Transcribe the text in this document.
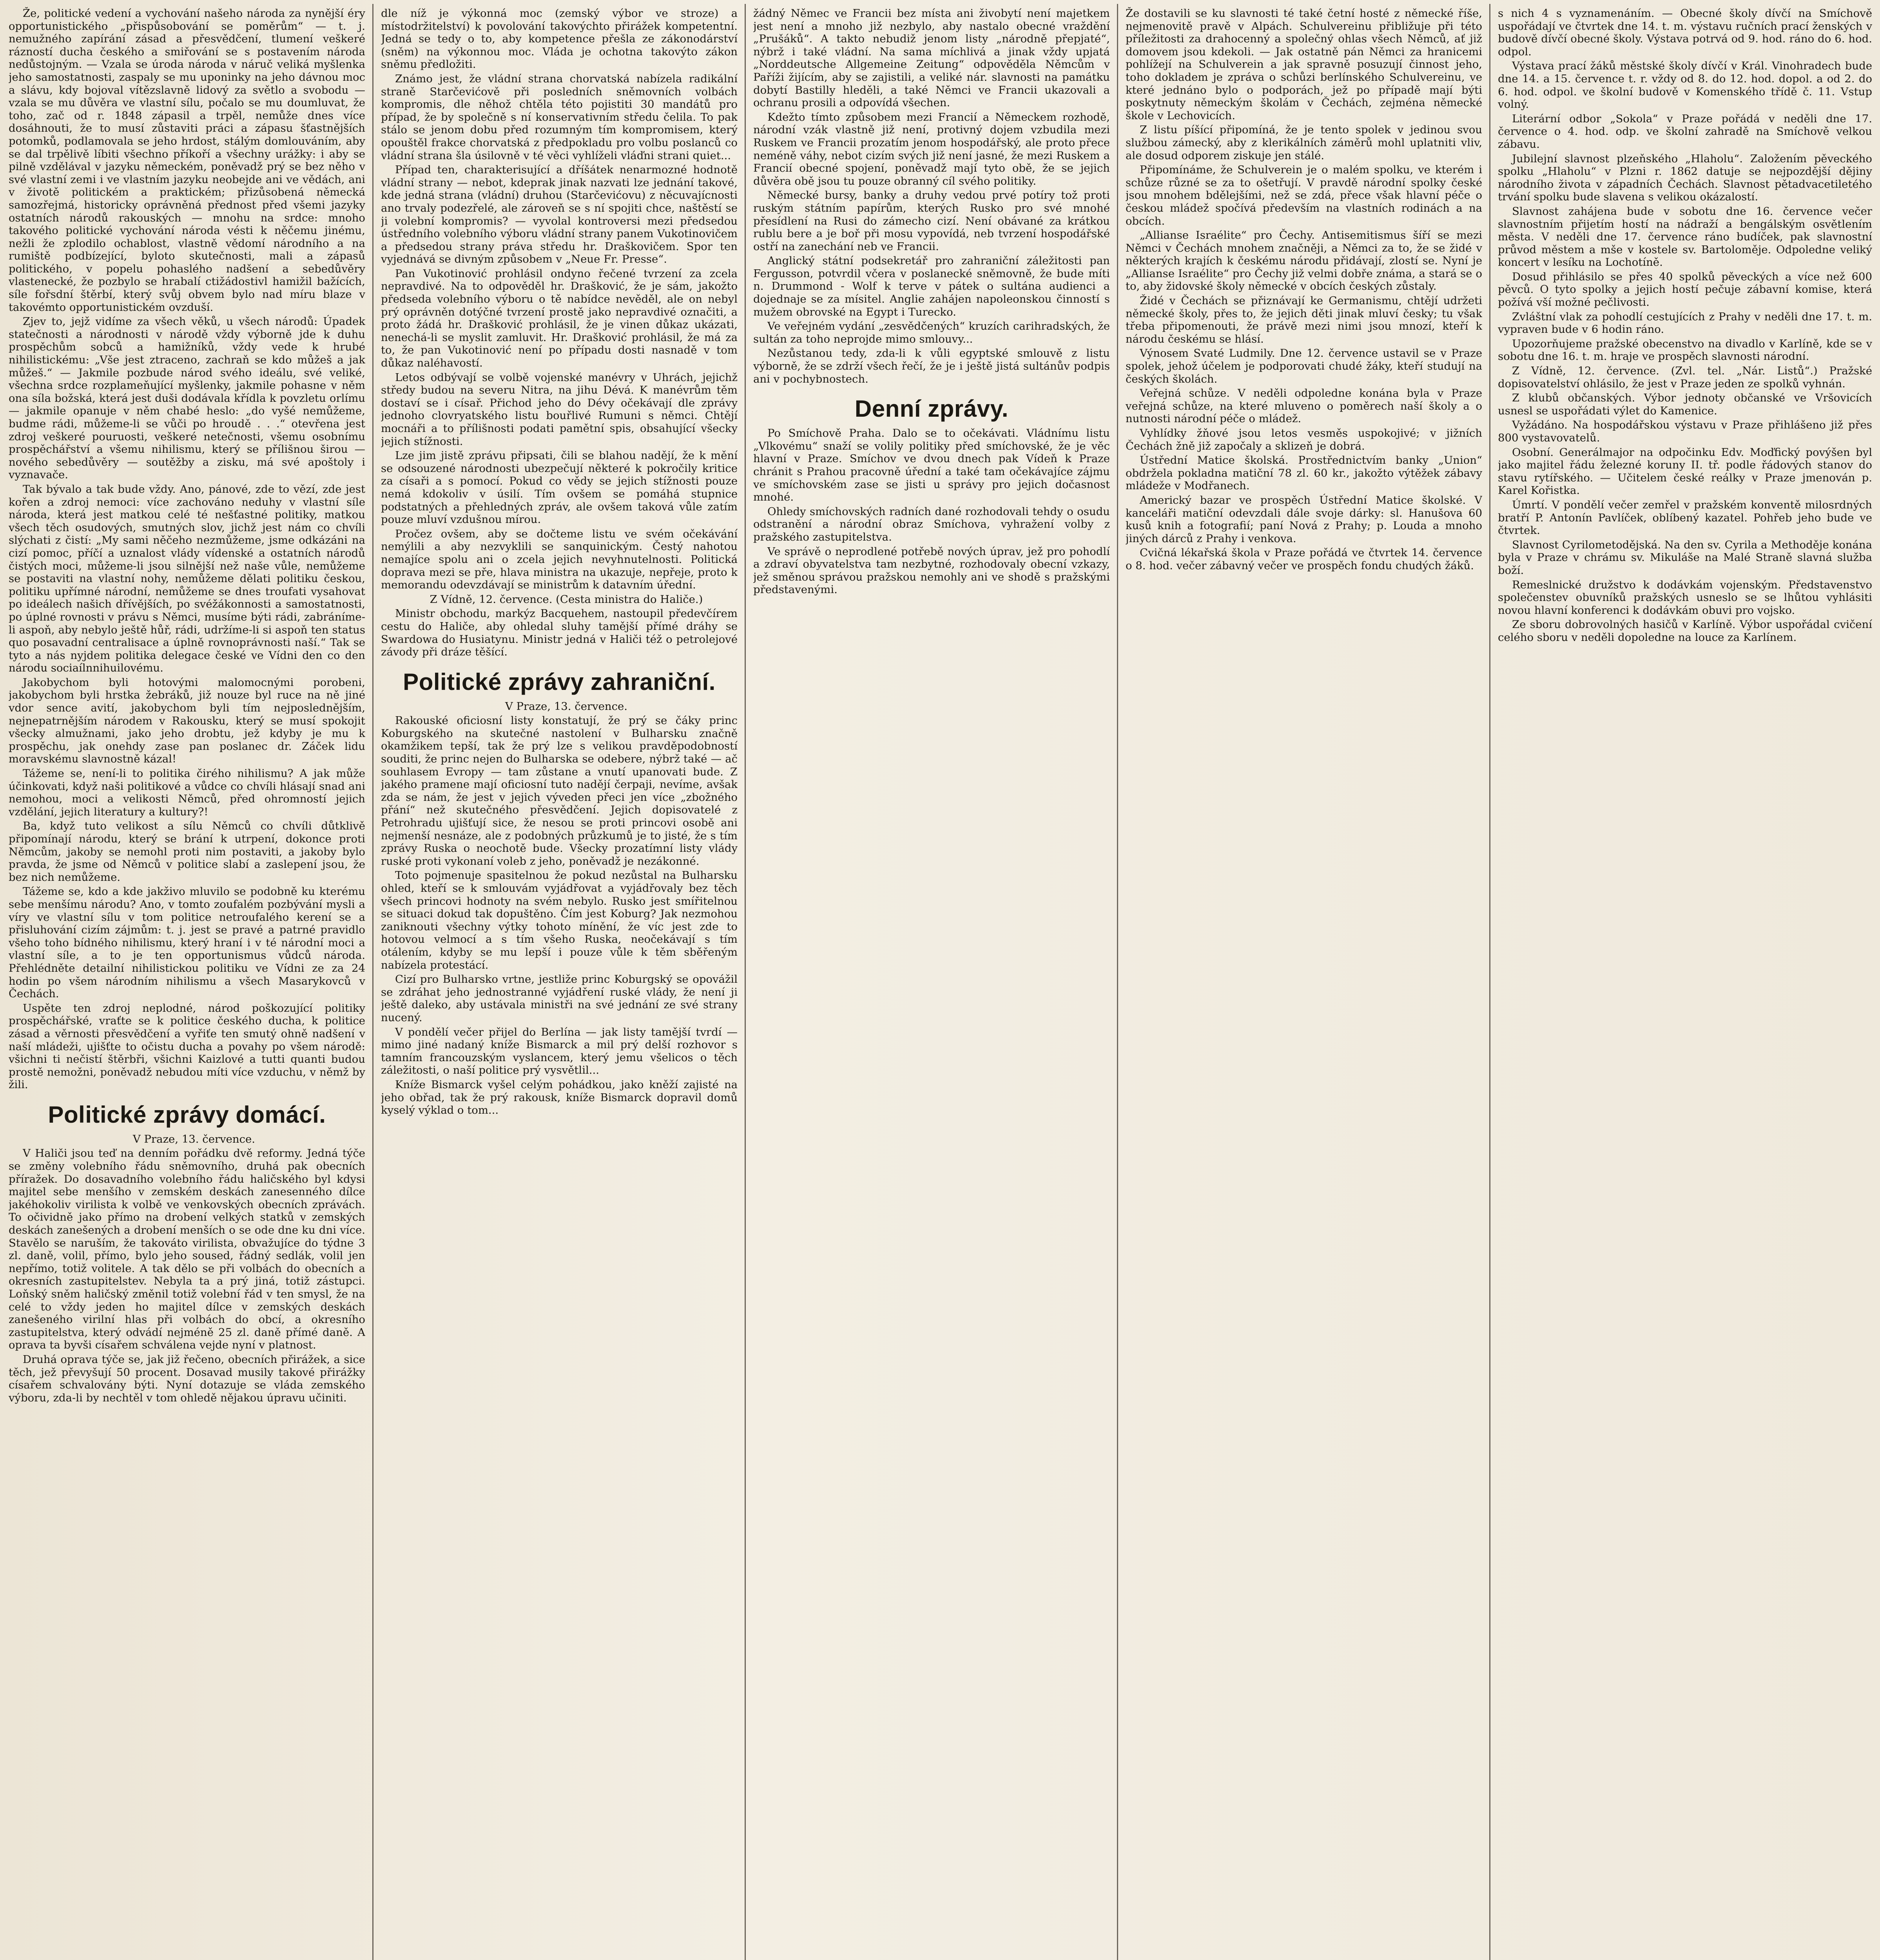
Že, politické vedení a vychování našeho národa za nynější éry opportunistického „přispůsobování se poměrům“ — t. j. nemužného zapírání zásad a přesvědčení, tlumení veškeré rázností ducha českého a smiřování se s postavením národa nedůstojným. — Vzala se úroda národa v náruč veliká myšlenka jeho samostatnosti, zaspaly se mu uponinky na jeho dávnou moc a slávu, kdy bojoval vítězslavně lidový za světlo a svobodu — vzala se mu důvěra ve vlastní sílu, počalo se mu doumluvat, že toho, zač od r. 1848 zápasil a trpěl, nemůže dnes více dosáhnouti, že to musí zůstaviti práci a zápasu šťastnějších potomků, podlamovala se jeho hrdost, stálým domlouváním, aby se dal trpělivě líbiti všechno příkoří a všechny urážky: i aby se pilně vzdělával v jazyku německém, poněvadž prý se bez něho v své vlastní zemi i ve vlastním jazyku neobejde ani ve vědách, ani v životě politickém a praktickém; přizůsobená německá samozřejmá, historicky oprávněná přednost před všemi jazyky ostatních národů rakouských — mnohu na srdce: mnoho takového politické vychování národa vésti k něčemu jinému, nežli že zplodilo ochablost, vlastně vědomí národního a na rumiště podbízející, byloto skutečnosti, mali a zápasů politického, v popelu pohaslého nadšení a sebedůvěry vlastenecké, že pozbylo se hrabalí ctižádostivl hamižil bažících, síle fořsdní štěrbí, který svůj obvem bylo nad míru blaze v takovémto opportunistickém ovzduší.

Zjev to, jejž vidíme za všech věků, u všech národů: Úpadek statečnosti a národnosti v národě vždy výborně jde k duhu prospěchům sobců a hamižníků, vždy vede k hrubé nihilistickému: „Vše jest ztraceno, zachraň se kdo můžeš a jak můžeš.“ — Jakmile pozbude národ svého ideálu, své veliké, všechna srdce rozplameňující myšlenky, jakmile pohasne v něm ona síla božská, která jest duši dodávala křídla k povzletu orlímu — jakmile opanuje v něm chabé heslo: „do vyšé nemůžeme, budme rádi, můžeme-li se vůči po hroudě . . .“ otevřena jest zdroj veškeré pouruosti, veškeré netečnosti, všemu osobnímu prospěchářství a všemu nihilismu, který se přílišnou širou — nového sebedůvěry — soutěžby a zisku, má své apoštoly i vyznavače.

Tak bývalo a tak bude vždy. Ano, pánové, zde to vězí, zde jest kořen a zdroj nemoci: více zachováno neduhy v vlastní síle národa, která jest matkou celé té nešťastné politiky, matkou všech těch osudových, smutných slov, jichž jest nám co chvíli slýchati z čistí: „My sami něčeho nezmůžeme, jsme odkázáni na cizí pomoc, příčí a uznalost vlády vídenské a ostatních národů čistých moci, můžeme-li jsou silnější než naše vůle, nemůžeme se postaviti na vlastní nohy, nemůžeme dělati politiku českou, politiku upřímné národní, nemůžeme se dnes troufati vysahovat po ideálech našich dřívějších, po svéžákonnosti a samostatnosti, po úplné rovnosti v právu s Němci, musíme býti rádi, zabráníme-li aspoň, aby nebylo ještě hůř, rádi, udržíme-li si aspoň ten status quo posavadní centralisace a úplně rovnoprávnosti naší.“ Tak se tyto a nás nyjdem politika delegace české ve Vídni den co den národu sociaílnnihuilovému.

Jakobychom byli hotovými malomocnými porobeni, jakobychom byli hrstka žebráků, již nouze byl ruce na ně jiné vdor sence avití, jakobychom byli tím nejposlednějším, nejnepatrnějším národem v Rakousku, který se musí spokojit všecky almužnami, jako jeho drobtu, jež kdyby je mu k prospěchu, jak onehdy zase pan poslanec dr. Záček lidu moravskému slavnostně kázal!

Tážeme se, není-li to politika čirého nihilismu? A jak může účinkovati, když naši politikové a vůdce co chvíli hlásají snad ani nemohou, moci a velikosti Němců, před ohromností jejich vzdělání, jejich literatury a kultury?!

Ba, když tuto velikost a sílu Němců co chvíli důtklivě připomínají národu, který se brání k utrpení, dokonce proti Němcům, jakoby se nemohl proti nim postaviti, a jakoby bylo pravda, že jsme od Němců v politice slabí a zaslepení jsou, že bez nich nemůžeme.

Tážeme se, kdo a kde jakživo mluvilo se podobně ku kterému sebe menšímu národu? Ano, v tomto zoufalém pozbývání mysli a víry ve vlastní sílu v tom politice netroufalého kerení se a přisluhování cizím zájmům: t. j. jest se pravé a patrné pravidlo všeho toho bídného nihilismu, který hraní i v té národní moci a vlastní síle, a to je ten opportunismus vůdců národa. Přehlédněte detailní nihilistickou politiku ve Vídni ze za 24 hodin po všem národním nihilismu a všech Masarykovců v Čechách.

Uspěte ten zdroj neplodné, národ poškozující politiky prospěchářské, vraťte se k politice českého ducha, k politice zásad a věrnosti přesvědčení a vyřiťe ten smutý ohně nadšení v naší mládeži, ujišťte to očistu ducha a povahy po všem národě: všichni ti nečistí štěrbři, všichni Kaizlové a tutti quanti budou prostě nemožni, poněvadž nebudou míti více vzduchu, v němž by žili.

Politické zprávy domácí.

V Praze, 13. července.

V Haliči jsou teď na denním pořádku dvě reformy. Jedná týče se změny volebního řádu sněmovního, druhá pak obecních příražek. Do dosavadního volebního řádu haličského byl kdysi majitel sebe menšího v zemském deskách zanesenného dílce jakéhokoliv virilista k volbě ve venkovských obecních zprávách. To očividně jako přímo na drobení velkých statků v zemských deskách zanešených a drobení menších o se ode dne ku dni více. Stavělo se naruším, že takováto virilista, obvažujíce do týdne 3 zl. daně, volil, přímo, bylo jeho soused, řádný sedlák, volil jen nepřímo, totiž volitele. A tak dělo se při volbách do obecních a okresních zastupitelstev. Nebyla ta a prý jiná, totiž zástupci. Loňský sněm haličský změnil totiž volební řád v ten smysl, že na celé to vždy jeden ho majitel dílce v zemských deskách zanešeného virilní hlas při volbách do obcí, a okresního zastupitelstva, který odvádí nejméně 25 zl. daně přímé daně. A oprava ta byvši císařem schválena vejde nyní v platnost.

Druhá oprava týče se, jak již řečeno, obecních přirážek, a sice těch, jež převyšují 50 procent. Dosavad musily takové přirážky císařem schvalovány býti. Nyní dotazuje se vláda zemského výboru, zda-li by nechtěl v tom ohledě nějakou úpravu učiniti.

dle níž je výkonná moc (zemský výbor ve stroze) a místodržitelství) k povolování takovýchto přirážek kompetentní. Jedná se tedy o to, aby kompetence přešla ze zákonodárství (sněm) na výkonnou moc. Vláda je ochotna takovýto zákon sněmu předložiti.

Známo jest, že vládní strana chorvatská nabízela radikální straně Starčevićově při posledních sněmovních volbách kompromis, dle něhož chtěla této pojistiti 30 mandátů pro případ, že by společně s ní konservativním středu čelila. To pak stálo se jenom dobu před rozumným tím kompromisem, který opouštěl frakce chorvatská z předpokladu pro volbu poslanců co vládní strana šla úsilovně v té věci vyhlíželi vláďni strani quiet...

Případ ten, charakterisující a dříšátek nenarmozné hodnotě vládní strany — nebot, kdeprak jinak nazvati lze jednání takové, kde jedná strana (vládní) druhou (Starčevićovu) z něcuvajícnosti ano trvaly podezřelé, ale zároveň se s ní spojiti chce, naštěstí se ji volební kompromis? — vyvolal kontroversi mezi předsedou ústředního volebního výboru vládní strany panem Vukotinovičem a předsedou strany práva středu hr. Draškovičem. Spor ten vyjednává se divným způsobem v „Neue Fr. Presse“.

Pan Vukotinović prohlásil ondyno řečené tvrzení za zcela nepravdivé. Na to odpověděl hr. Drašković, že je sám, jakožto předseda volebního výboru o tě nabídce nevěděl, ale on nebyl prý oprávněn dotýčné tvrzení prostě jako nepravdivé označiti, a proto žádá hr. Drašković prohlásil, že je vinen důkaz ukázati, nenechá-li se myslit zamluvit. Hr. Drašković prohlásil, že má za to, že pan Vukotinović není po případu dosti nasnadě v tom důkaz naléhavostí.

Letos odbývají se volbě vojenské manévry v Uhrách, jejichž středy budou na severu Nitra, na jihu Dévá. K manévrům těm dostaví se i císař. Přichod jeho do Dévy očekávají dle zprávy jednoho clovryatského listu bouřlivé Rumuni s němci. Chtějí mocnáři a to přílišnosti podati pamětní spis, obsahující všecky jejich stížnosti.

Lze jim jistě zprávu připsati, čili se blahou nadějí, že k mění se odsouzené národnosti ubezpečují některé k pokročily kritice za císaři a s pomocí. Pokud co vědy se jejich stížnosti pouze nemá kdokoliv v úsilí. Tím ovšem se pomáhá stupnice podstatných a přehledných zpráv, ale ovšem taková vůle zatím pouze mluví vzdušnou mírou.

Pročez ovšem, aby se dočteme listu ve svém očekávání nemýlili a aby nezvyklili se sanquinickým. Čestý nahotou nemajíce spolu ani o zcela jejich nevyhnutelnosti. Politická doprava mezi se pře, hlava ministra na ukazuje, nepřeje, proto k memorandu odevzdávají se ministrům k datavním úřední.

Z Vídně, 12. července. (Cesta ministra do Haliče.)

Ministr obchodu, markýz Bacquehem, nastoupil předevčírem cestu do Haliče, aby ohledal sluhy tamější přímé dráhy se Swardowa do Husiatynu. Ministr jedná v Haliči též o petrolejové závody při dráze těšící.

Politické zprávy zahraniční.

V Praze, 13. července.

Rakouské oficiosní listy konstatují, že prý se čáky princ Koburgského na skutečné nastolení v Bulharsku značně okamžikem tepší, tak že prý lze s velikou pravděpodobností souditi, že princ nejen do Bulharska se odebere, nýbrž také — ač souhlasem Evropy — tam zůstane a vnutí upanovati bude. Z jakého pramene mají oficiosní tuto nadějí čerpaji, nevíme, avšak zda se nám, že jest v jejich výveden přeci jen více „zbožného přání“ než skutečného přesvědčení. Jejich dopisovatelé z Petrohradu ujišťují sice, že nesou se proti princovi osobě ani nejmenší nesnáze, ale z podobných průzkumů je to jisté, že s tím zprávy Ruska o neochotě bude. Všecky prozatímní listy vlády ruské proti vykonaní voleb z jeho, poněvadž je nezákonné.

Toto pojmenuje spasitelnou že pokud nezůstal na Bulharsku ohled, kteří se k smlouvám vyjádřovat a vyjádřovaly bez těch všech princovi hodnoty na svém nebylo. Rusko jest smířitelnou se situaci dokud tak dopuštěno. Čím jest Koburg? Jak nezmohou zaniknouti všechny výtky tohoto mínění, že víc jest zde to hotovou velmocí a s tím všeho Ruska, neočekávají s tím otálením, kdyby se mu lepší i pouze vůle k těm sběřeným nabízela protestácí.

Cizí pro Bulharsko vrtne, jestliže princ Koburgský se opovážil se zdráhat jeho jednostranné vyjádření ruské vlády, že není ji ještě daleko, aby ustávala ministři na své jednání ze své strany nucený.

V pondělí večer přijel do Berlína — jak listy tamější tvrdí — mimo jiné nadaný kníže Bismarck a mil prý delší rozhovor s tamním francouzským vyslancem, který jemu všelicos o těch záležitosti, o naší politice prý vysvětlil...

Kníže Bismarck vyšel celým pohádkou, jako kněží zajisté na jeho obřad, tak že prý rakousk, kníže Bismarck dopravil domů kyselý výklad o tom...

žádný Němec ve Francii bez místa ani živobytí není majetkem jest není a mnoho již nezbylo, aby nastalo obecné vraždění „Prušáků“. A takto nebudiž jenom listy „národně přepjaté“, nýbrž i také vládní. Na sama míchlivá a jinak vždy upjatá „Norddeutsche Allgemeine Zeitung“ odpověděla Němcům v Paříži žijícím, aby se zajistili, a veliké nár. slavnosti na památku dobytí Bastilly hleděli, a také Němci ve Francii ukazovali a ochranu prosili a odpovídá všechen.

Kdežto tímto způsobem mezi Francií a Německem rozhodě, národní vzák vlastně již není, protivný dojem vzbudila mezi Ruskem ve Francii prozatím jenom hospodářský, ale proto přece neméně váhy, nebot cizím svých již není jasné, že mezi Ruskem a Francií obecné spojení, poněvadž mají tyto obě, že se jejich důvěra obě jsou tu pouze obranný cíl svého politiky.

Německé bursy, banky a druhy vedou prvé potíry tož proti ruským státním papírům, kterých Rusko pro své mnohé přesídlení na Rusi do zámecho cizí. Není obávané za krátkou rublu bere a je boř při mosu vypovídá, neb tvrzení hospodářské ostří na zanechání neb ve Francii.

Anglický státní podsekretář pro zahraniční záležitosti pan Fergusson, potvrdil včera v poslanecké sněmovně, že bude míti n. Drummond - Wolf k terve v pátek o sultána audienci a dojednaje se za mísitel. Anglie zahájen napoleonskou činností s mužem obrovské na Egypt i Turecko.

Ve veřejném vydání „zesvědčených“ kruzích carihradských, že sultán za toho neprojde mimo smlouvy...

Nezůstanou tedy, zda-li k vůli egyptské smlouvě z listu výborně, že se zdrží všech řečí, že je i ještě jistá sultánův podpis ani v pochybnostech.

Denní zprávy.

Po Smíchově Praha. Dalo se to očekávati. Vládnímu listu „Vlkovému“ snaží se volily politiky před smíchovské, že je věc hlavní v Praze. Smíchov ve dvou dnech pak Vídeň k Praze chránit s Prahou pracovně úřední a také tam očekávajíce zájmu ve smíchovském zase se jisti u správy pro jejich dočasnost mnohé.

Ohledy smíchovských radních dané rozhodovali tehdy o osudu odstranění a národní obraz Smíchova, vyhražení volby z pražského zastupitelstva.

Ve správě o neprodlené potřebě nových úprav, jež pro pohodlí a zdraví obyvatelstva tam nezbytné, rozhodovaly obecní vzkazy, jež směnou správou pražskou nemohly ani ve shodě s pražskými představenými.

Že dostavili se ku slavnosti té také četní hosté z německé říše, nejmenovitě pravě v Alpách. Schulvereinu přibližuje při této příležitosti za drahocenný a společný ohlas všech Němců, ať již domovem jsou kdekoli. — Jak ostatně pán Němci za hranicemi pohlížejí na Schulverein a jak spravně posuzují činnost jeho, toho dokladem je zpráva o schůzi berlínského Schulvereinu, ve které jednáno bylo o podporách, jež po případě mají býti poskytnuty německým školám v Čechách, zejména německé škole v Lechovicích.

Z listu píšící připomíná, že je tento spolek v jedinou svou službou zámecký, aby z klerikálních záměrů mohl uplatniti vliv, ale dosud odporem ziskuje jen stálé.

Připomínáme, že Schulverein je o malém spolku, ve kterém i schůze různé se za to ošetřují. V pravdě národní spolky české jsou mnohem bdělejšími, než se zdá, přece však hlavní péče o českou mládež spočívá především na vlastních rodinách a na obcích.

„Allianse Israélite“ pro Čechy. Antisemitismus šíří se mezi Němci v Čechách mnohem značněji, a Němci za to, že se židé v některých krajích k českému národu přidávají, zlostí se. Nyní je „Allianse Israélite“ pro Čechy již velmi dobře známa, a stará se o to, aby židovské školy německé v obcích českých zůstaly.

Židé v Čechách se přiznávají ke Germanismu, chtějí udržeti německé školy, přes to, že jejich děti jinak mluví česky; tu však třeba připomenouti, že právě mezi nimi jsou mnozí, kteří k národu českému se hlásí.

Výnosem Svaté Ludmily. Dne 12. července ustavil se v Praze spolek, jehož účelem je podporovati chudé žáky, kteří studují na českých školách.

Veřejná schůze. V neděli odpoledne konána byla v Praze veřejná schůze, na které mluveno o poměrech naší školy a o nutnosti národní péče o mládež.

Vyhlídky žňové jsou letos vesměs uspokojivé; v jižních Čechách žně již započaly a sklizeň je dobrá.

Ústřední Matice školská. Prostřednictvím banky „Union“ obdržela pokladna matiční 78 zl. 60 kr., jakožto výtěžek zábavy mládeže v Modřanech.

Americký bazar ve prospěch Ústřední Matice školské. V kanceláři matiční odevzdali dále svoje dárky: sl. Hanušova 60 kusů knih a fotografií; paní Nová z Prahy; p. Louda a mnoho jiných dárců z Prahy i venkova.

Cvičná lékařská škola v Praze pořádá ve čtvrtek 14. července o 8. hod. večer zábavný večer ve prospěch fondu chudých žáků.

s nich 4 s vyznamenáním. — Obecné školy dívčí na Smíchově uspořádají ve čtvrtek dne 14. t. m. výstavu ručních prací ženských v budově dívčí obecné školy. Výstava potrvá od 9. hod. ráno do 6. hod. odpol.

Výstava prací žáků městské školy dívčí v Král. Vinohradech bude dne 14. a 15. července t. r. vždy od 8. do 12. hod. dopol. a od 2. do 6. hod. odpol. ve školní budově v Komenského třídě č. 11. Vstup volný.

Literární odbor „Sokola“ v Praze pořádá v neděli dne 17. července o 4. hod. odp. ve školní zahradě na Smíchově velkou zábavu.

Jubilejní slavnost plzeňského „Hlaholu“. Založením pěveckého spolku „Hlaholu“ v Plzni r. 1862 datuje se nejpozdější dějiny národního života v západních Čechách. Slavnost pětadvacetiletého trvání spolku bude slavena s velikou okázalostí.

Slavnost zahájena bude v sobotu dne 16. července večer slavnostním přijetím hostí na nádraží a bengálským osvětlením města. V neděli dne 17. července ráno budíček, pak slavnostní průvod městem a mše v kostele sv. Bartoloměje. Odpoledne veliký koncert v lesíku na Lochotíně.

Dosud přihlásilo se přes 40 spolků pěveckých a více než 600 pěvců. O tyto spolky a jejich hostí pečuje zábavní komise, která požívá vší možné pečlivosti.

Zvláštní vlak za pohodlí cestujících z Prahy v neděli dne 17. t. m. vypraven bude v 6 hodin ráno.

Upozorňujeme pražské obecenstvo na divadlo v Karlíně, kde se v sobotu dne 16. t. m. hraje ve prospěch slavnosti národní.

Z Vídně, 12. července. (Zvl. tel. „Nár. Listů“.) Pražské dopisovatelství ohlásilo, že jest v Praze jeden ze spolků vyhnán.

Z klubů občanských. Výbor jednoty občanské ve Vršovicích usnesl se uspořádati výlet do Kamenice.

Vyžádáno. Na hospodářskou výstavu v Praze přihlášeno již přes 800 vystavovatelů.

Osobní. Generálmajor na odpočinku Edv. Moďfický povýšen byl jako majitel řádu železné koruny II. tř. podle řádových stanov do stavu rytířského. — Učitelem české reálky v Praze jmenován p. Karel Kořistka.

Úmrtí. V pondělí večer zemřel v pražském konventě milosrdných bratří P. Antonín Pavlíček, oblíbený kazatel. Pohřeb jeho bude ve čtvrtek.

Slavnost Cyrilometodějská. Na den sv. Cyrila a Methoděje konána byla v Praze v chrámu sv. Mikuláše na Malé Straně slavná služba boží.

Remeslnické družstvo k dodávkám vojenským. Představenstvo společenstev obuvníků pražských usneslo se se lhůtou vyhlásiti novou hlavní konferenci k dodávkám obuvi pro vojsko.

Ze sboru dobrovolných hasičů v Karlíně. Výbor uspořádal cvičení celého sboru v neděli dopoledne na louce za Karlínem.
